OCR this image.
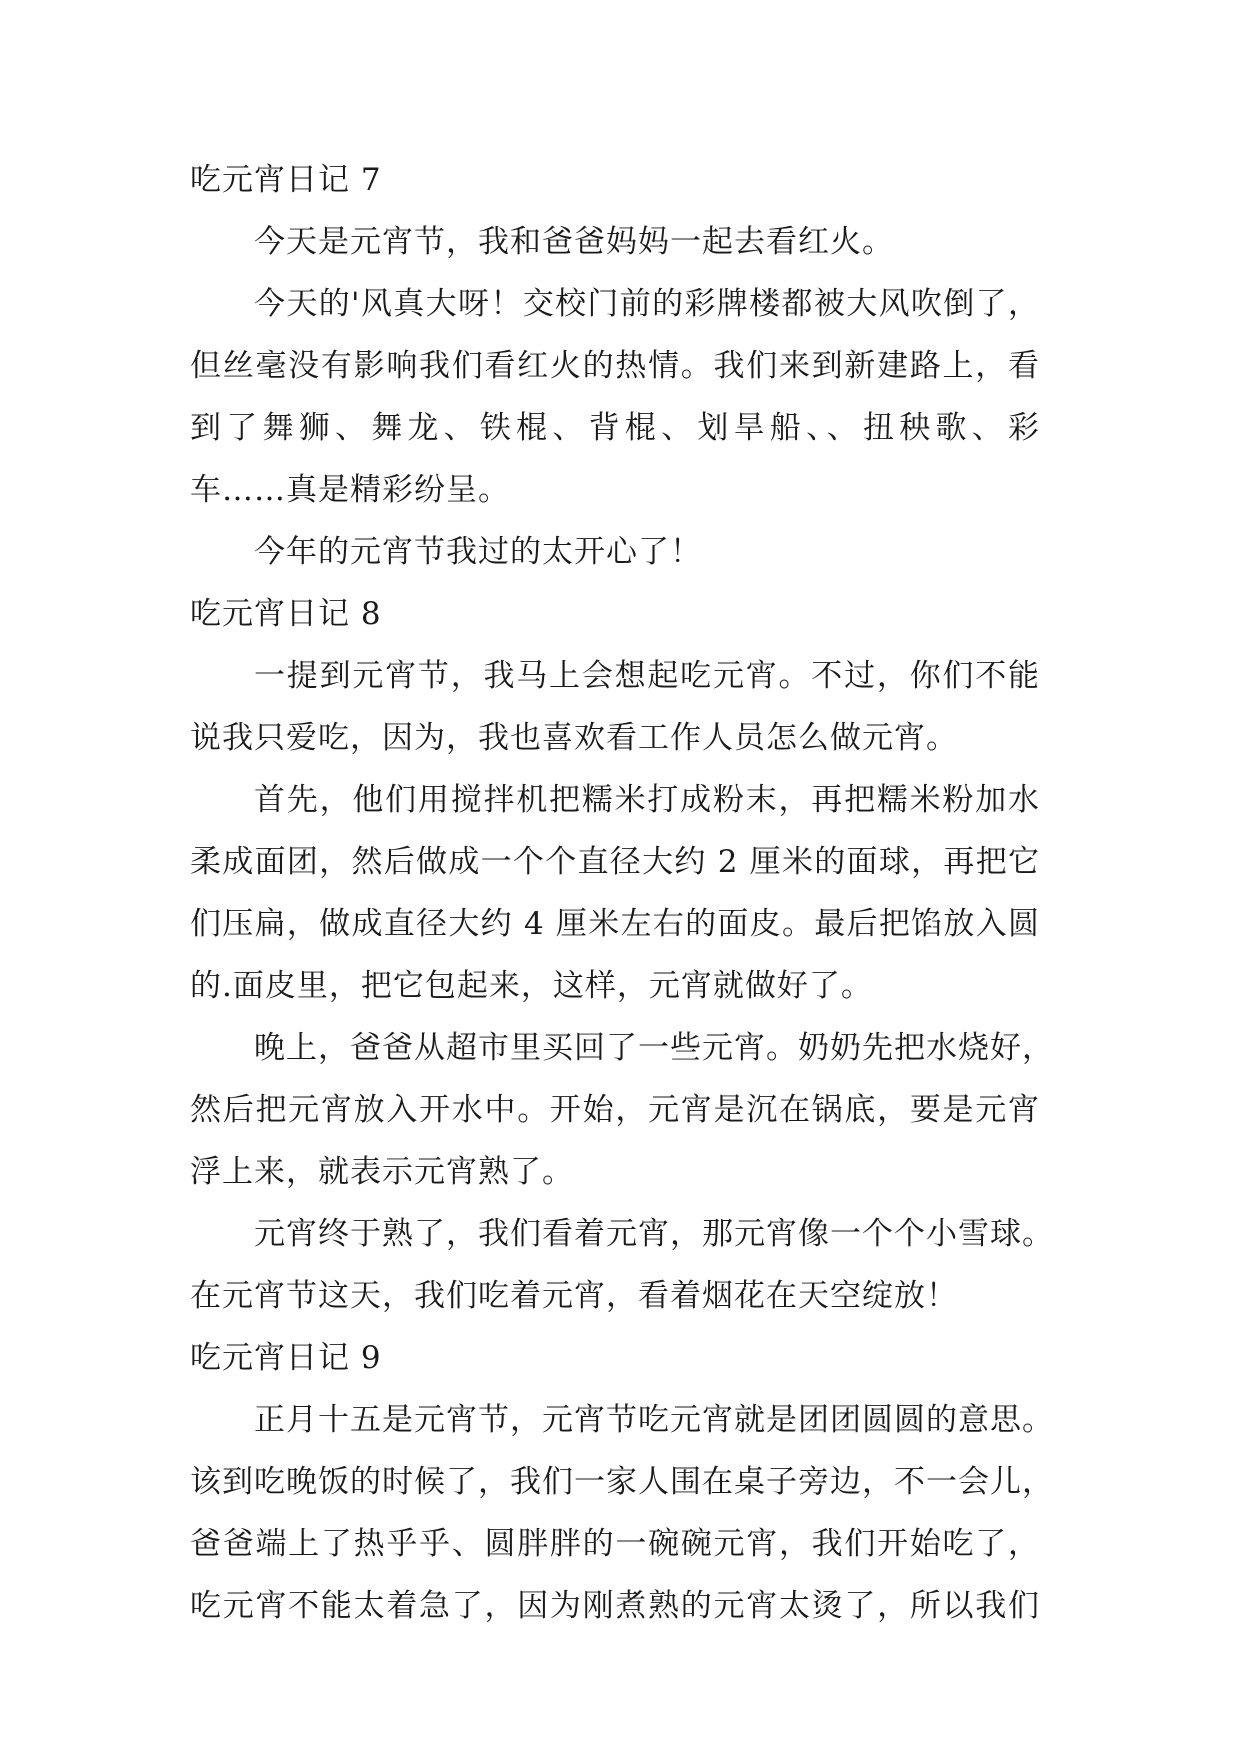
吃元宵日记 7
今天是元宵节，我和爸爸妈妈一起去看红火。
今天的'风真大呀！交校门前的彩牌楼都被大风吹倒了，
但丝毫没有影响我们看红火的热情。我们来到新建路上，看
到了舞狮、舞龙、铁棍、背棍、划旱船、、扭秧歌、彩
车……真是精彩纷呈。
今年的元宵节我过的太开心了！
吃元宵日记 8
一提到元宵节，我马上会想起吃元宵。不过，你们不能
说我只爱吃，因为，我也喜欢看工作人员怎么做元宵。
首先，他们用搅拌机把糯米打成粉末，再把糯米粉加水
柔成面团，然后做成一个个直径大约 2 厘米的面球，再把它
们压扁，做成直径大约 4 厘米左右的面皮。最后把馅放入圆
的.面皮里，把它包起来，这样，元宵就做好了。
晚上，爸爸从超市里买回了一些元宵。奶奶先把水烧好，
然后把元宵放入开水中。开始，元宵是沉在锅底，要是元宵
浮上来，就表示元宵熟了。
元宵终于熟了，我们看着元宵，那元宵像一个个小雪球。
在元宵节这天，我们吃着元宵，看着烟花在天空绽放！
吃元宵日记 9
正月十五是元宵节，元宵节吃元宵就是团团圆圆的意思。
该到吃晚饭的时候了，我们一家人围在桌子旁边，不一会儿，
爸爸端上了热乎乎、圆胖胖的一碗碗元宵，我们开始吃了，
吃元宵不能太着急了，因为刚煮熟的元宵太烫了，所以我们
